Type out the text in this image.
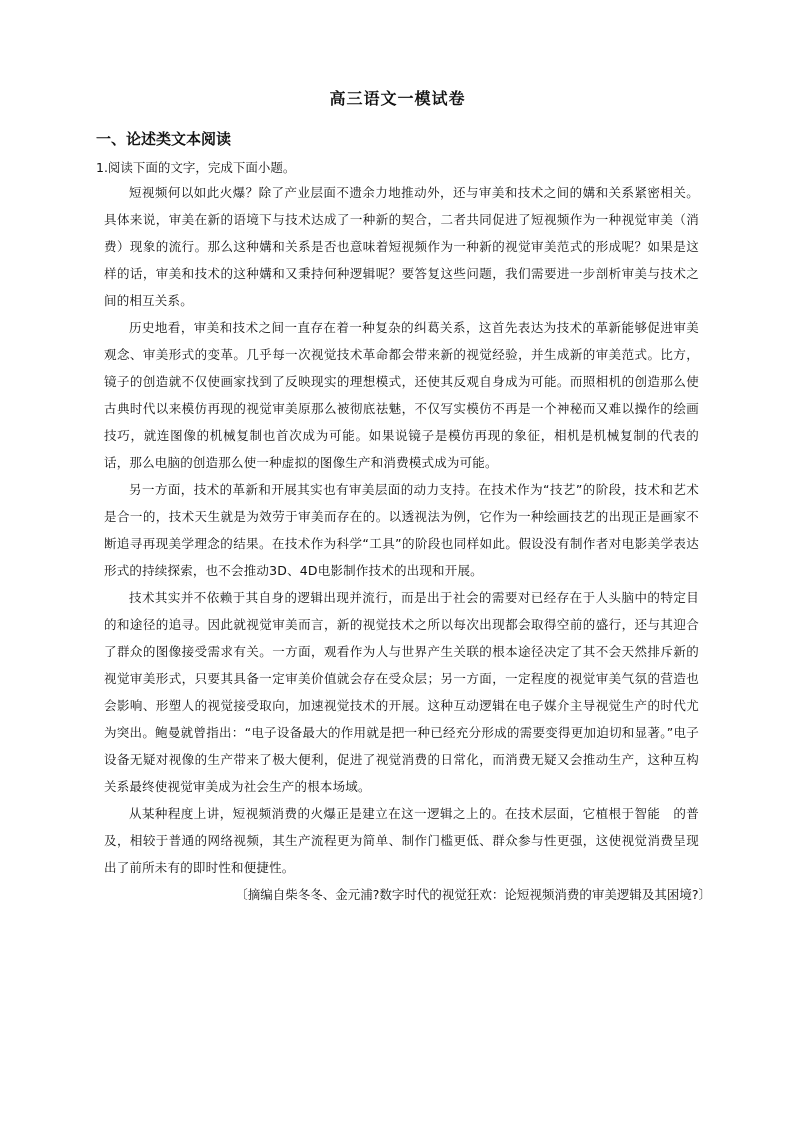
高三语文一模试卷
一、论述类文本阅读
1.阅读下面的文字，完成下面小题。

短视频何以如此火爆？除了产业层面不遗余力地推动外，还与审美和技术之间的媾和关系紧密相关。具体来说，审美在新的语境下与技术达成了一种新的契合，二者共同促进了短视频作为一种视觉审美（消费）现象的流行。那么这种媾和关系是否也意味着短视频作为一种新的视觉审美范式的形成呢？如果是这样的话，审美和技术的这种媾和又秉持何种逻辑呢？要答复这些问题，我们需要进一步剖析审美与技术之间的相互关系。

历史地看，审美和技术之间一直存在着一种复杂的纠葛关系，这首先表达为技术的革新能够促进审美观念、审美形式的变革。几乎每一次视觉技术革命都会带来新的视觉经验，并生成新的审美范式。比方，镜子的创造就不仅使画家找到了反映现实的理想模式，还使其反观自身成为可能。而照相机的创造那么使古典时代以来模仿再现的视觉审美原那么被彻底祛魅，不仅写实模仿不再是一个神秘而又难以操作的绘画技巧，就连图像的机械复制也首次成为可能。如果说镜子是模仿再现的象征，相机是机械复制的代表的话，那么电脑的创造那么使一种虚拟的图像生产和消费模式成为可能。

另一方面，技术的革新和开展其实也有审美层面的动力支持。在技术作为“技艺”的阶段，技术和艺术是合一的，技术天生就是为效劳于审美而存在的。以透视法为例，它作为一种绘画技艺的出现正是画家不断追寻再现美学理念的结果。在技术作为科学“工具”的阶段也同样如此。假设没有制作者对电影美学表达形式的持续探索，也不会推动3D、4D电影制作技术的出现和开展。

技术其实并不依赖于其自身的逻辑出现并流行，而是出于社会的需要对已经存在于人头脑中的特定目的和途径的追寻。因此就视觉审美而言，新的视觉技术之所以每次出现都会取得空前的盛行，还与其迎合了群众的图像接受需求有关。一方面，观看作为人与世界产生关联的根本途径决定了其不会天然排斥新的视觉审美形式，只要其具备一定审美价值就会存在受众层；另一方面，一定程度的视觉审美气氛的营造也会影响、形塑人的视觉接受取向，加速视觉技术的开展。这种互动逻辑在电子媒介主导视觉生产的时代尤为突出。鲍曼就曾指出：“电子设备最大的作用就是把一种已经充分形成的需要变得更加迫切和显著。”电子设备无疑对视像的生产带来了极大便利，促进了视觉消费的日常化，而消费无疑又会推动生产，这种互构关系最终使视觉审美成为社会生产的根本场域。

从某种程度上讲，短视频消费的火爆正是建立在这一逻辑之上的。在技术层面，它植根于智能　的普及，相较于普通的网络视频，其生产流程更为简单、制作门槛更低、群众参与性更强，这使视觉消费呈现出了前所未有的即时性和便捷性。

〔摘编自柴冬冬、金元浦?数字时代的视觉狂欢：论短视频消费的审美逻辑及其困境?〕
